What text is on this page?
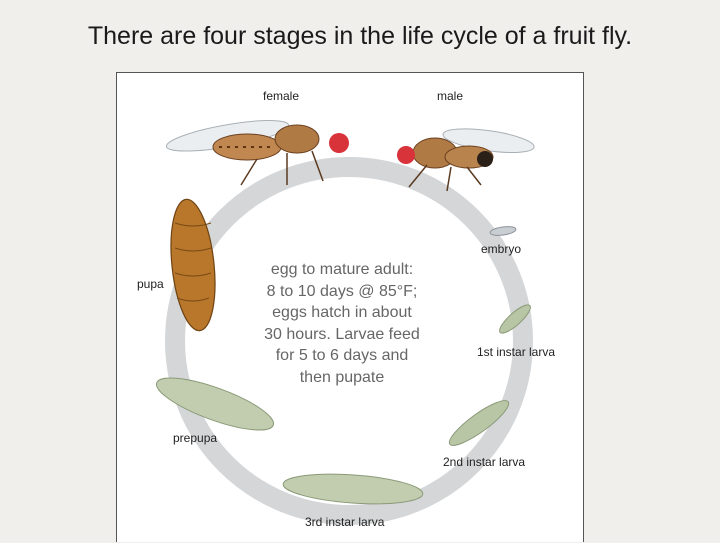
There are four stages in the life cycle of a fruit fly.
female	male
embryo
1st instar larva
2nd instar larva
3rd instar larva
prepupa
pupa
egg to mature adult:
8 to 10 days @ 85°F;
eggs hatch in about
30 hours. Larvae feed
for 5 to 6 days and
then pupate
